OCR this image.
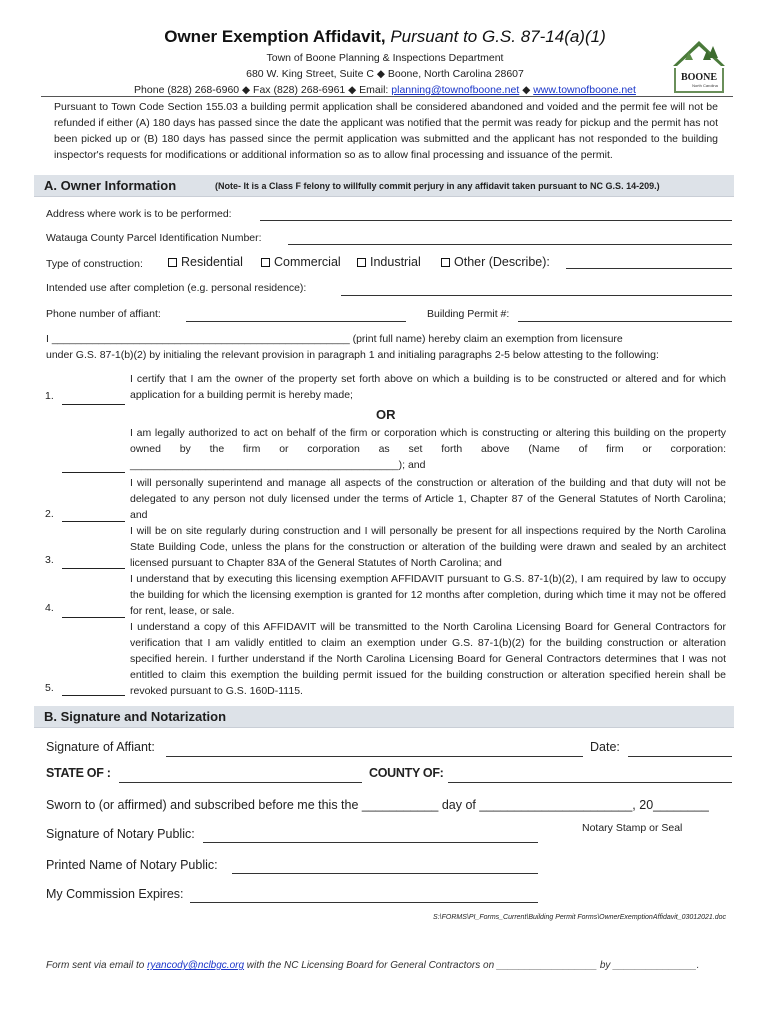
Owner Exemption Affidavit, Pursuant to G.S. 87-14(a)(1)
Town of Boone Planning & Inspections Department
680 W. King Street, Suite C ◆ Boone, North Carolina 28607
Phone (828) 268-6960 ◆ Fax (828) 268-6961 ◆ Email: planning@townofboone.net ◆ www.townofboone.net
BOONE
North Carolina
Pursuant to Town Code Section 155.03 a building permit application shall be considered abandoned and voided and the permit fee will not be refunded if either (A) 180 days has passed since the date the applicant was notified that the permit was ready for pickup and the permit has not been picked up or (B) 180 days has passed since the permit application was submitted and the applicant has not responded to the building inspector's requests for modifications or additional information so as to allow final processing and issuance of the permit.
A. Owner Information	(Note- It is a Class F felony to willfully commit perjury in any affidavit taken pursuant to NC G.S. 14-209.)
Address where work is to be performed:
Watauga County Parcel Identification Number:
Type of construction:	Residential	Commercial	Industrial	Other (Describe):
Intended use after completion (e.g. personal residence):
Phone number of affiant:	Building Permit #:
I ___________________________________________________ (print full name) hereby claim an exemption from licensure
under G.S. 87-1(b)(2) by initialing the relevant provision in paragraph 1 and initialing paragraphs 2-5 below attesting to the following:
I certify that I am the owner of the property set forth above on which a building is to be constructed or altered and for which application for a building permit is hereby made;
1.
OR
I am legally authorized to act on behalf of the firm or corporation which is constructing or altering this building on the property owned by the firm or corporation as set forth above (Name of firm or corporation: ______________________________________________); and
I will personally superintend and manage all aspects of the construction or alteration of the building and that duty will not be delegated to any person not duly licensed under the terms of Article 1, Chapter 87 of the General Statutes of North Carolina; and
2.
I will be on site regularly during construction and I will personally be present for all inspections required by the North Carolina State Building Code, unless the plans for the construction or alteration of the building were drawn and sealed by an architect licensed pursuant to Chapter 83A of the General Statutes of North Carolina; and
3.
I understand that by executing this licensing exemption AFFIDAVIT pursuant to G.S. 87-1(b)(2), I am required by law to occupy the building for which the licensing exemption is granted for 12 months after completion, during which time it may not be offered for rent, lease, or sale.
4.
I understand a copy of this AFFIDAVIT will be transmitted to the North Carolina Licensing Board for General Contractors for verification that I am validly entitled to claim an exemption under G.S. 87-1(b)(2) for the building construction or alteration specified herein. I further understand if the North Carolina Licensing Board for General Contractors determines that I was not entitled to claim this exemption the building permit issued for the building construction or alteration specified herein shall be revoked pursuant to G.S. 160D-1115.
5.
B. Signature and Notarization
Signature of Affiant:	Date:
STATE OF :	COUNTY OF:
Sworn to (or affirmed) and subscribed before me this the ___________ day of ______________________, 20________
Signature of Notary Public:	Notary Stamp or Seal
Printed Name of Notary Public:
My Commission Expires:
S:\FORMS\PI_Forms_Current\Building Permit Forms\OwnerExemptionAffidavit_03012021.doc
Form sent via email to ryancody@nclbgc.org with the NC Licensing Board for General Contractors on __________________ by _______________.
